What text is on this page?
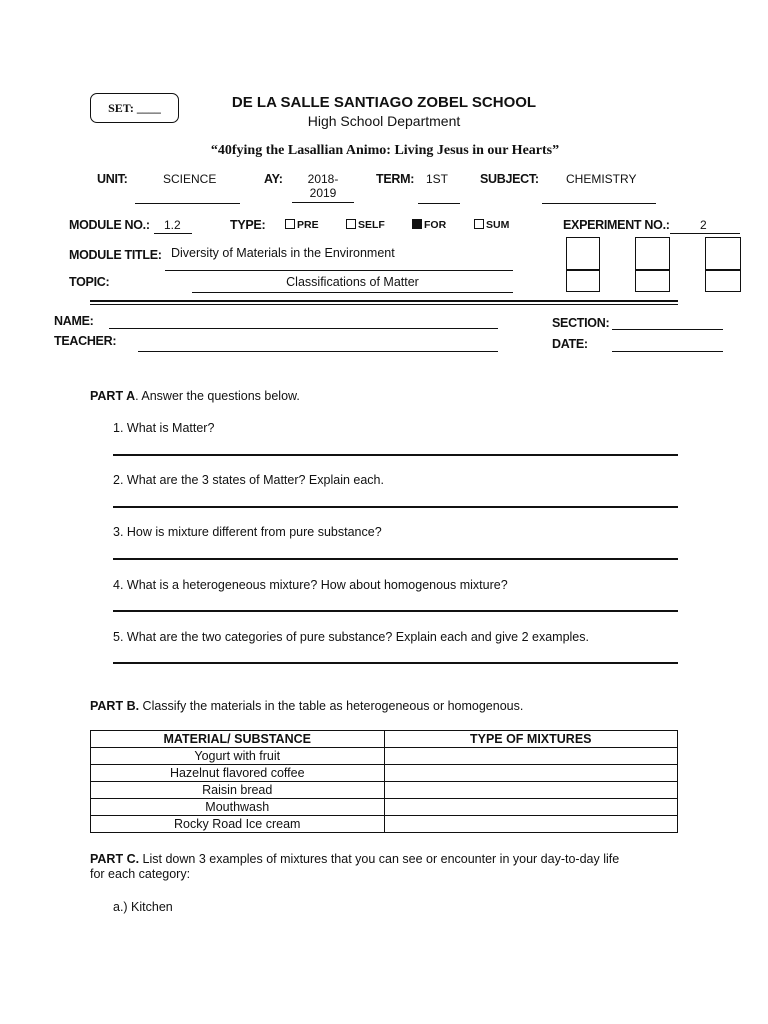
SET: ____	DE LA SALLE SANTIAGO ZOBEL SCHOOL
High School Department
“40fying the Lasallian Animo: Living Jesus in our Hearts”
UNIT:	SCIENCE	AY:	2018-
2019
TERM: 1ST	SUBJECT: CHEMISTRY
MODULE NO.: 1.2	TYPE:	PRE	SELF	FOR	SUM	EXPERIMENT NO.:	2
MODULE TITLE: Diversity of Materials in the Environment
TOPIC:	Classifications of Matter
NAME:
TEACHER:
SECTION:
DATE:
PART A. Answer the questions below.
1. What is Matter?
2. What are the 3 states of Matter? Explain each.
3. How is mixture different from pure substance?
4. What is a heterogeneous mixture? How about homogenous mixture?
5. What are the two categories of pure substance? Explain each and give 2 examples.
PART B. Classify the materials in the table as heterogeneous or homogenous.
MATERIAL/ SUBSTANCE	TYPE OF MIXTURES
Yogurt with fruit	
Hazelnut flavored coffee	
Raisin bread	
Mouthwash	
Rocky Road Ice cream	
PART C. List down 3 examples of mixtures that you can see or encounter in your day-to-day life
for each category:
a.) Kitchen
